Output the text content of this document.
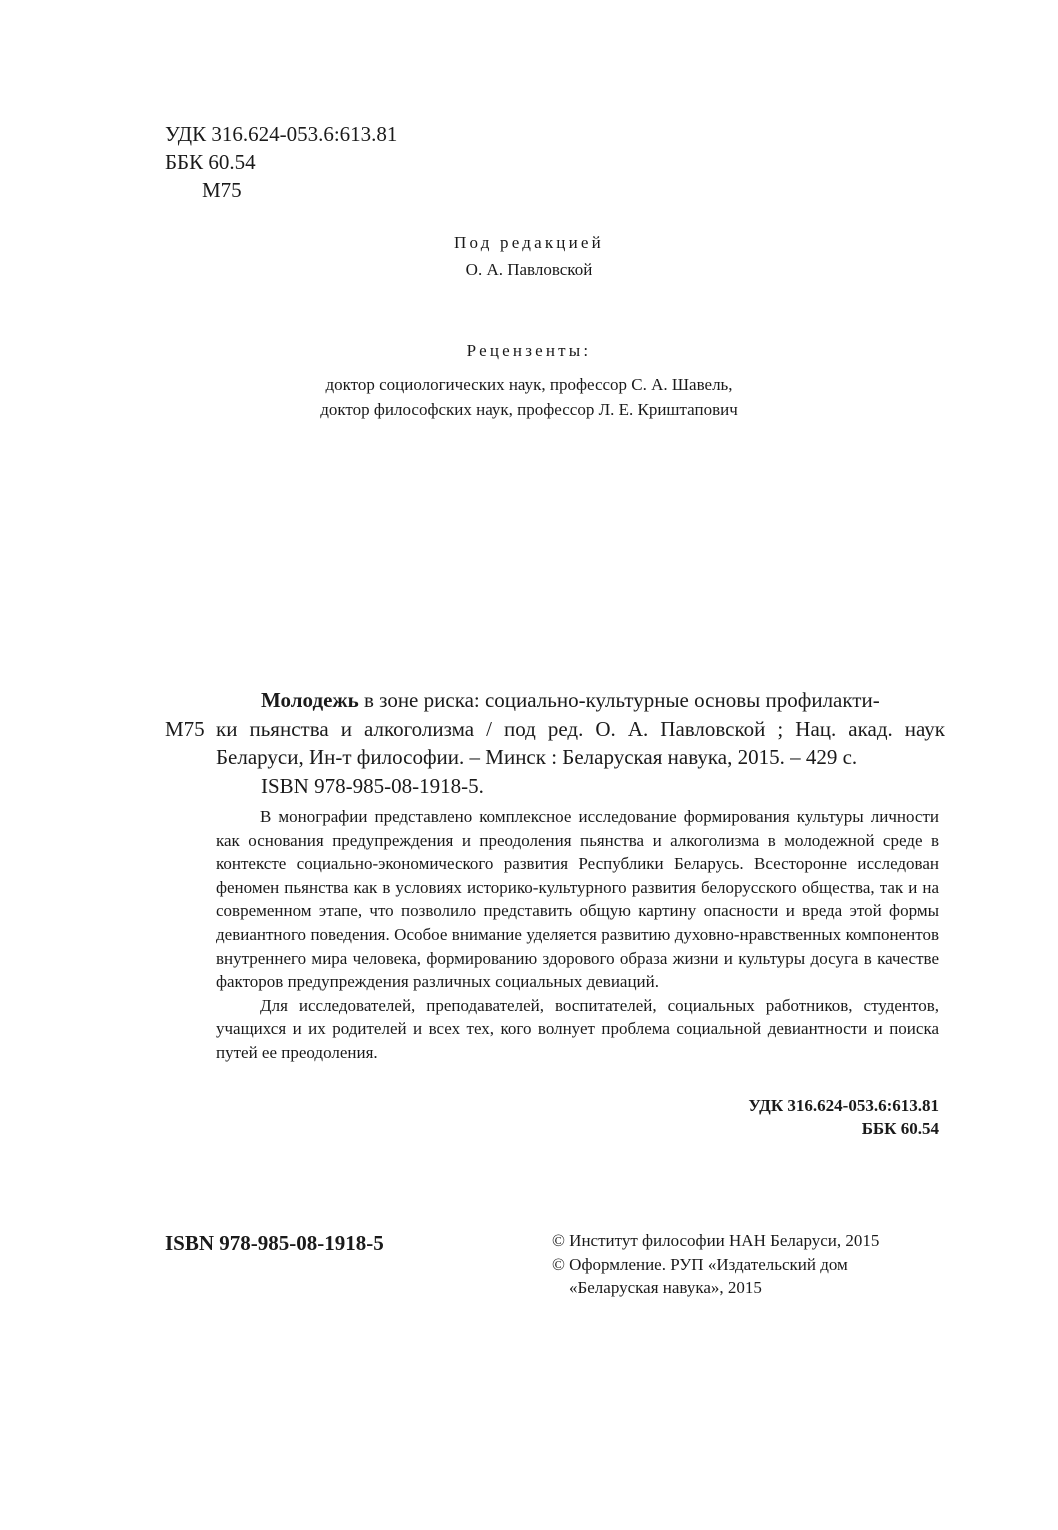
УДК 316.624-053.6:613.81
ББК 60.54
М75
Под редакцией
О. А. Павловской
Рецензенты:
доктор социологических наук, профессор С. А. Шавель,
доктор философских наук, профессор Л. Е. Криштапович
М75
Молодежь в зоне риска: социально-культурные основы профилакти-
ки пьянства и алкоголизма / под ред. О. А. Павловской ; Нац. акад. наук Беларуси, Ин-т философии. – Минск : Беларуская навука, 2015. – 429 с.
ISBN 978-985-08-1918-5.

В монографии представлено комплексное исследование формирования культуры личности как основания предупреждения и преодоления пьянства и алкоголизма в молодежной среде в контексте социально-экономического развития Республики Беларусь. Всесторонне исследован феномен пьянства как в условиях историко-культурного развития белорусского общества, так и на современном этапе, что позволило представить общую картину опасности и вреда этой формы девиантного поведения. Особое внимание уделяется развитию духовно-нравственных компонентов внутреннего мира человека, формированию здорового образа жизни и культуры досуга в качестве факторов предупреждения различных социальных девиаций.

Для исследователей, преподавателей, воспитателей, социальных работников, студентов, учащихся и их родителей и всех тех, кого волнует проблема социальной девиантности и поиска путей ее преодоления.

УДК 316.624-053.6:613.81
ББК 60.54
ISBN 978-985-08-1918-5	© Институт философии НАН Беларуси, 2015
© Оформление. РУП «Издательский дом
«Беларуская навука», 2015
